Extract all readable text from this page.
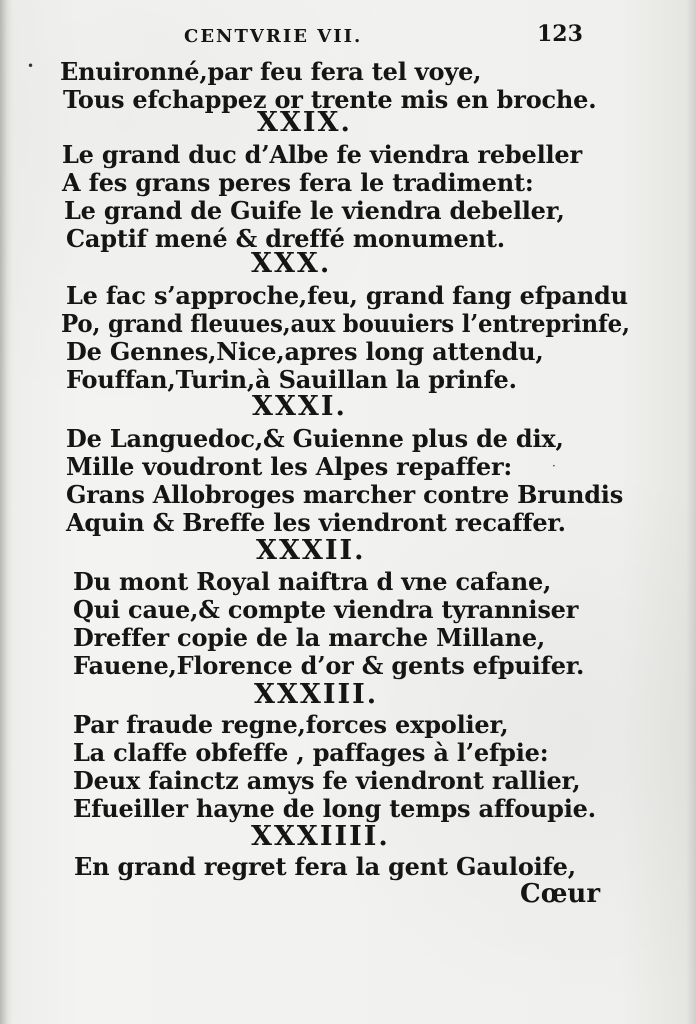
CENTVRIE VII.	123
Enuironné,par feu fera tel voye,
Tous efchappez or trente mis en broche.
XXIX.
Le grand duc d’Albe fe viendra rebeller
A fes grans peres fera le tradiment:
Le grand de Guife le viendra debeller,
Captif mené & dreffé monument.
XXX.
Le fac s’approche,feu, grand fang efpandu
Po, grand fleuues,aux bouuiers l’entreprinfe,
De Gennes,Nice,apres long attendu,
Fouffan,Turin,à Sauillan la prinfe.
XXXI.
De Languedoc,& Guienne plus de dix,
Mille voudront les Alpes repaffer:
Grans Allobroges marcher contre Brundis
Aquin & Breffe les viendront recaffer.
XXXII.
Du mont Royal naiftra d vne cafane,
Qui caue,& compte viendra tyranniser
Dreffer copie de la marche Millane,
Fauene,Florence d’or & gents efpuifer.
XXXIII.
Par fraude regne,forces expolier,
La claffe obfeffe , paffages à l’efpie:
Deux fainctz amys fe viendront rallier,
Efueiller hayne de long temps affoupie.
XXXIIII.
En grand regret fera la gent Gauloife,
•
·
Cœur
